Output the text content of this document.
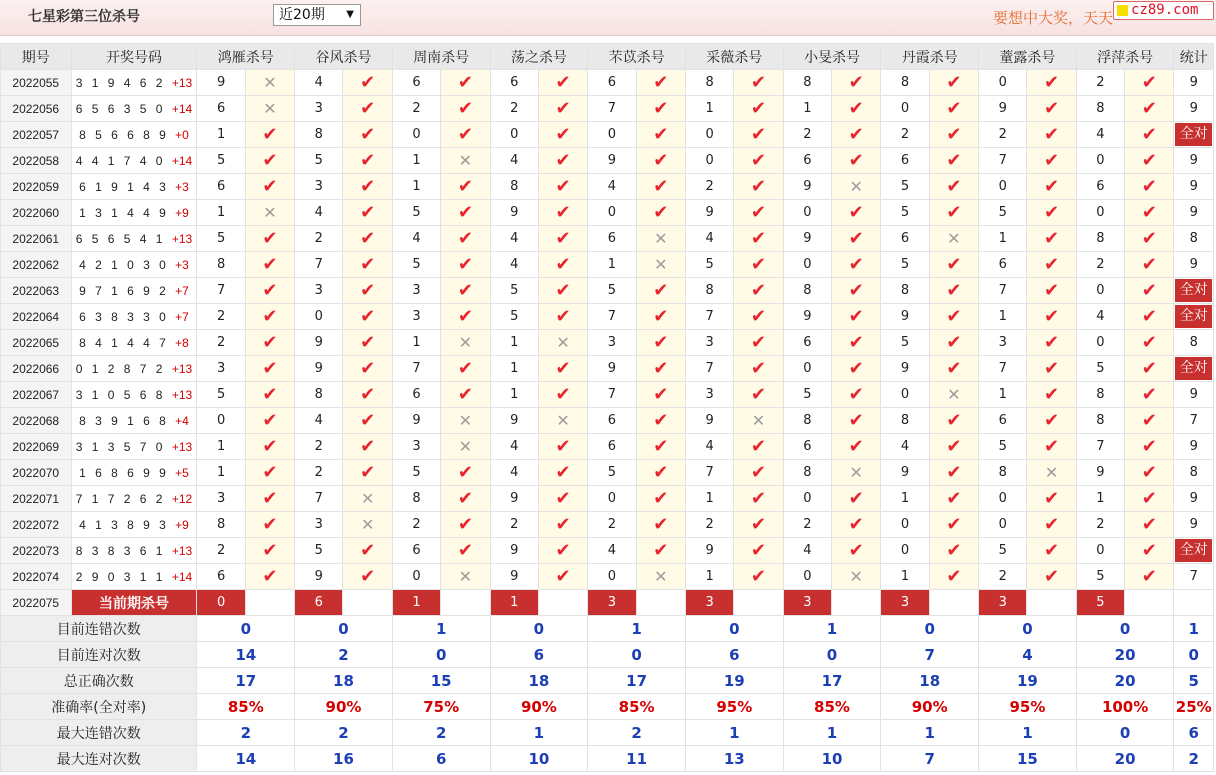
七星彩第三位杀号	近20期 ▼	要想中大奖，天天	cz89.com
期号	开奖号码	鸿雁杀号		谷风杀号		周南杀号		荡之杀号		芣苡杀号		采薇杀号		小旻杀号		丹霞杀号		蕫露杀号		浮萍杀号		统计
2022055	3 1 9 4 6 2 +13	9	✕	4	✔	6	✔	6	✔	6	✔	8	✔	8	✔	8	✔	0	✔	2	✔	9
2022056	6 5 6 3 5 0 +14	6	✕	3	✔	2	✔	2	✔	7	✔	1	✔	1	✔	0	✔	9	✔	8	✔	9
2022057	8 5 6 6 8 9 +0	1	✔	8	✔	0	✔	0	✔	0	✔	0	✔	2	✔	2	✔	2	✔	4	✔	全对
2022058	4 4 1 7 4 0 +14	5	✔	5	✔	1	✕	4	✔	9	✔	0	✔	6	✔	6	✔	7	✔	0	✔	9
2022059	6 1 9 1 4 3 +3	6	✔	3	✔	1	✔	8	✔	4	✔	2	✔	9	✕	5	✔	0	✔	6	✔	9
2022060	1 3 1 4 4 9 +9	1	✕	4	✔	5	✔	9	✔	0	✔	9	✔	0	✔	5	✔	5	✔	0	✔	9
2022061	6 5 6 5 4 1 +13	5	✔	2	✔	4	✔	4	✔	6	✕	4	✔	9	✔	6	✕	1	✔	8	✔	8
2022062	4 2 1 0 3 0 +3	8	✔	7	✔	5	✔	4	✔	1	✕	5	✔	0	✔	5	✔	6	✔	2	✔	9
2022063	9 7 1 6 9 2 +7	7	✔	3	✔	3	✔	5	✔	5	✔	8	✔	8	✔	8	✔	7	✔	0	✔	全对
2022064	6 3 8 3 3 0 +7	2	✔	0	✔	3	✔	5	✔	7	✔	7	✔	9	✔	9	✔	1	✔	4	✔	全对
2022065	8 4 1 4 4 7 +8	2	✔	9	✔	1	✕	1	✕	3	✔	3	✔	6	✔	5	✔	3	✔	0	✔	8
2022066	0 1 2 8 7 2 +13	3	✔	9	✔	7	✔	1	✔	9	✔	7	✔	0	✔	9	✔	7	✔	5	✔	全对
2022067	3 1 0 5 6 8 +13	5	✔	8	✔	6	✔	1	✔	7	✔	3	✔	5	✔	0	✕	1	✔	8	✔	9
2022068	8 3 9 1 6 8 +4	0	✔	4	✔	9	✕	9	✕	6	✔	9	✕	8	✔	8	✔	6	✔	8	✔	7
2022069	3 1 3 5 7 0 +13	1	✔	2	✔	3	✕	4	✔	6	✔	4	✔	6	✔	4	✔	5	✔	7	✔	9
2022070	1 6 8 6 9 9 +5	1	✔	2	✔	5	✔	4	✔	5	✔	7	✔	8	✕	9	✔	8	✕	9	✔	8
2022071	7 1 7 2 6 2 +12	3	✔	7	✕	8	✔	9	✔	0	✔	1	✔	0	✔	1	✔	0	✔	1	✔	9
2022072	4 1 3 8 9 3 +9	8	✔	3	✕	2	✔	2	✔	2	✔	2	✔	2	✔	0	✔	0	✔	2	✔	9
2022073	8 3 8 3 6 1 +13	2	✔	5	✔	6	✔	9	✔	4	✔	9	✔	4	✔	0	✔	5	✔	0	✔	全对
2022074	2 9 0 3 1 1 +14	6	✔	9	✔	0	✕	9	✔	0	✕	1	✔	0	✕	1	✔	2	✔	5	✔	7
2022075	当前期杀号	0		6		1		1		3		3		3		3		3		5		
目前连错次数		0		0		1		0		1		0		1		0		0		0		1
目前连对次数		14		2		0		6		0		6		0		7		4		20		0
总正确次数		17		18		15		18		17		19		17		18		19		20		5
准确率(全对率)		85%		90%		75%		90%		85%		95%		85%		90%		95%		100%		25%
最大连错次数		2		2		2		1		2		1		1		1		1		0		6
最大连对次数		14		16		6		10		11		13		10		7		15		20		2
